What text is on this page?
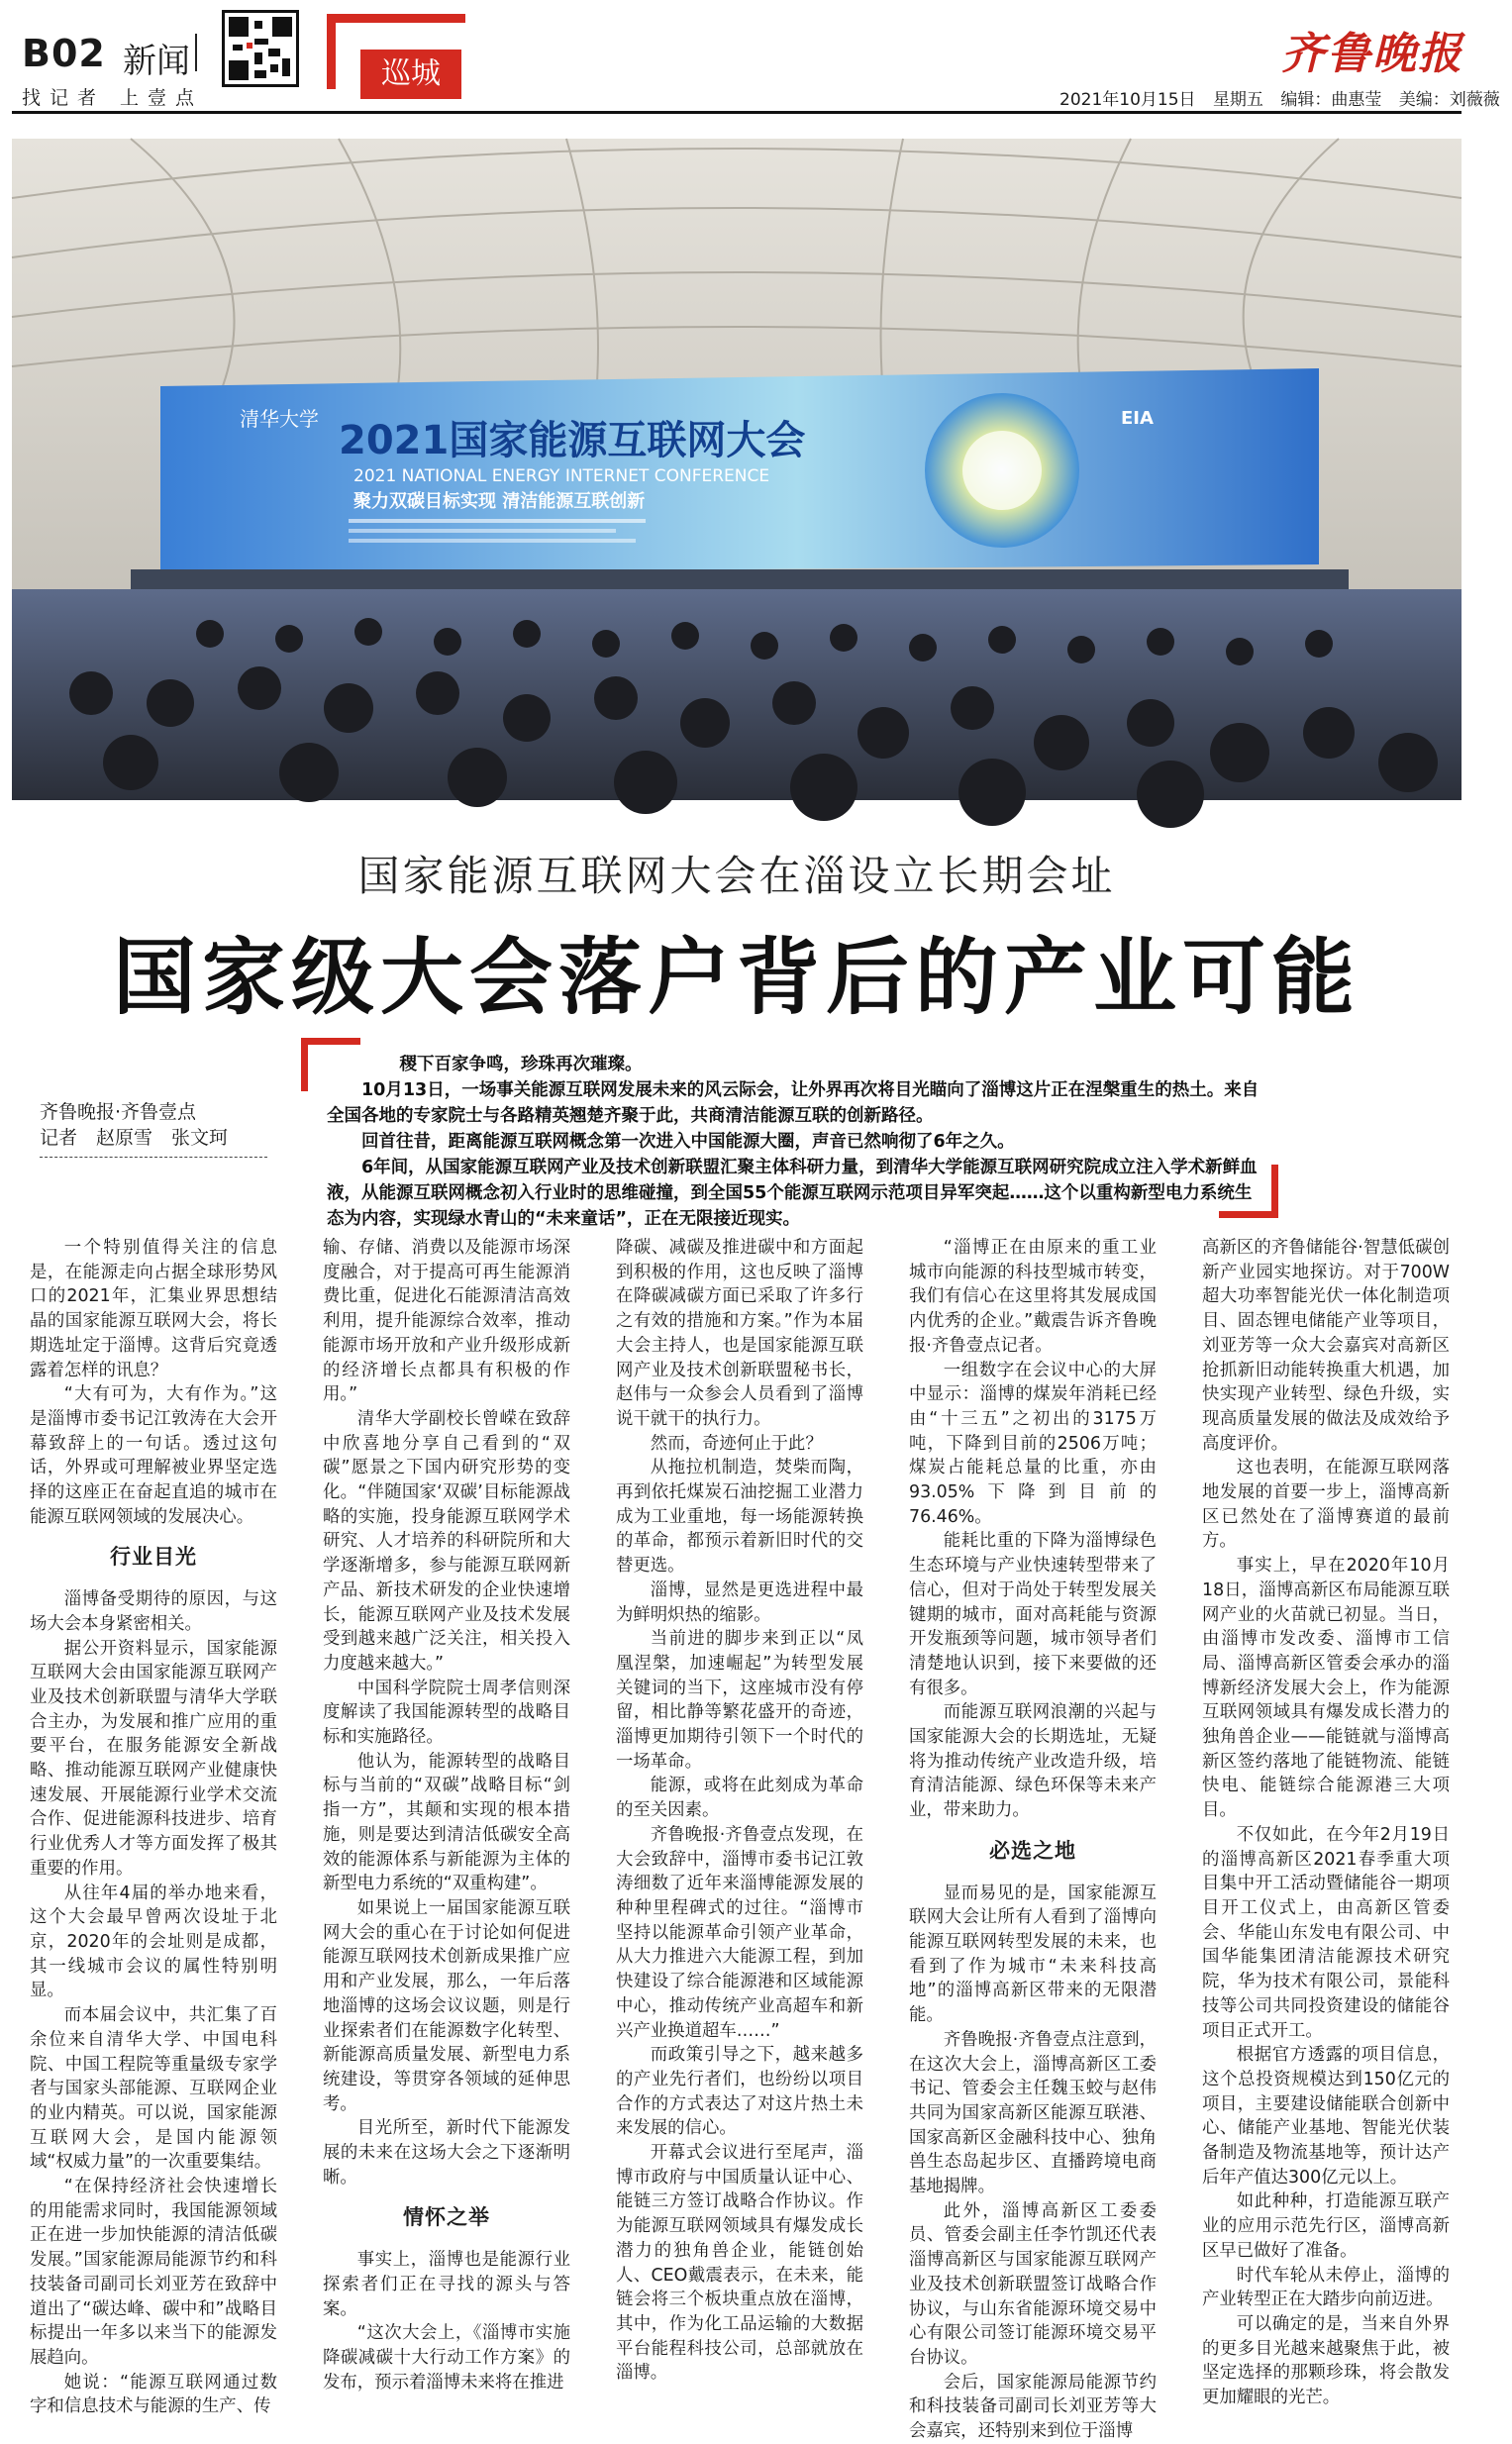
B02 新闻
找记者 上壹点
巡城	齐鲁晚报
2021年10月15日 星期五 编辑：曲惠莹 美编：刘薇薇
清华大学 2021国家能源互联网大会
2021 NATIONAL ENERGY INTERNET CONFERENCE
聚力双碳目标实现 清洁能源互联创新
EIA
国家能源互联网大会在淄设立长期会址
国家级大会落户背后的产业可能
齐鲁晚报·齐鲁壹点
记者　赵原雪　张文珂

稷下百家争鸣，珍珠再次璀璨。

10月13日，一场事关能源互联网发展未来的风云际会，让外界再次将目光瞄向了淄博这片正在涅槃重生的热土。来自全国各地的专家院士与各路精英翘楚齐聚于此，共商清洁能源互联的创新路径。

回首往昔，距离能源互联网概念第一次进入中国能源大圈，声音已然响彻了6年之久。

6年间，从国家能源互联网产业及技术创新联盟汇聚主体科研力量，到清华大学能源互联网研究院成立注入学术新鲜血液，从能源互联网概念初入行业时的思维碰撞，到全国55个能源互联网示范项目异军突起……这个以重构新型电力系统生态为内容，实现绿水青山的“未来童话”，正在无限接近现实。

一个特别值得关注的信息是，在能源走向占据全球形势风口的2021年，汇集业界思想结晶的国家能源互联网大会，将长期选址定于淄博。这背后究竟透露着怎样的讯息？

“大有可为，大有作为。”这是淄博市委书记江敦涛在大会开幕致辞上的一句话。透过这句话，外界或可理解被业界坚定选择的这座正在奋起直追的城市在能源互联网领域的发展决心。

行业目光

淄博备受期待的原因，与这场大会本身紧密相关。

据公开资料显示，国家能源互联网大会由国家能源互联网产业及技术创新联盟与清华大学联合主办，为发展和推广应用的重要平台，在服务能源安全新战略、推动能源互联网产业健康快速发展、开展能源行业学术交流合作、促进能源科技进步、培育行业优秀人才等方面发挥了极其重要的作用。

从往年4届的举办地来看，这个大会最早曾两次设址于北京，2020年的会址则是成都，其一线城市会议的属性特别明显。

而本届会议中，共汇集了百余位来自清华大学、中国电科院、中国工程院等重量级专家学者与国家头部能源、互联网企业的业内精英。可以说，国家能源互联网大会，是国内能源领域“权威力量”的一次重要集结。

“在保持经济社会快速增长的用能需求同时，我国能源领域正在进一步加快能源的清洁低碳发展。”国家能源局能源节约和科技装备司副司长刘亚芳在致辞中道出了“碳达峰、碳中和”战略目标提出一年多以来当下的能源发展趋向。

她说：“能源互联网通过数字和信息技术与能源的生产、传

输、存储、消费以及能源市场深度融合，对于提高可再生能源消费比重，促进化石能源清洁高效利用，提升能源综合效率，推动能源市场开放和产业升级形成新的经济增长点都具有积极的作用。”

清华大学副校长曾嵘在致辞中欣喜地分享自己看到的“双碳”愿景之下国内研究形势的变化。“伴随国家‘双碳’目标能源战略的实施，投身能源互联网学术研究、人才培养的科研院所和大学逐渐增多，参与能源互联网新产品、新技术研发的企业快速增长，能源互联网产业及技术发展受到越来越广泛关注，相关投入力度越来越大。”

中国科学院院士周孝信则深度解读了我国能源转型的战略目标和实施路径。

他认为，能源转型的战略目标与当前的“双碳”战略目标“剑指一方”，其颠和实现的根本措施，则是要达到清洁低碳安全高效的能源体系与新能源为主体的新型电力系统的“双重构建”。

如果说上一届国家能源互联网大会的重心在于讨论如何促进能源互联网技术创新成果推广应用和产业发展，那么，一年后落地淄博的这场会议议题，则是行业探索者们在能源数字化转型、新能源高质量发展、新型电力系统建设，等贯穿各领域的延伸思考。

目光所至，新时代下能源发展的未来在这场大会之下逐渐明晰。

情怀之举

事实上，淄博也是能源行业探索者们正在寻找的源头与答案。

“这次大会上，《淄博市实施降碳减碳十大行动工作方案》的发布，预示着淄博未来将在推进

降碳、减碳及推进碳中和方面起到积极的作用，这也反映了淄博在降碳减碳方面已采取了许多行之有效的措施和方案。”作为本届大会主持人，也是国家能源互联网产业及技术创新联盟秘书长，赵伟与一众参会人员看到了淄博说干就干的执行力。

然而，奇迹何止于此？

从拖拉机制造，焚柴而陶，再到依托煤炭石油挖掘工业潜力成为工业重地，每一场能源转换的革命，都预示着新旧时代的交替更选。

淄博，显然是更选进程中最为鲜明炽热的缩影。

当前进的脚步来到正以“凤凰涅槃，加速崛起”为转型发展关键词的当下，这座城市没有停留，相比静等繁花盛开的奇迹，淄博更加期待引领下一个时代的一场革命。

能源，或将在此刻成为革命的至关因素。

齐鲁晚报·齐鲁壹点发现，在大会致辞中，淄博市委书记江敦涛细数了近年来淄博能源发展的种种里程碑式的过往。“淄博市坚持以能源革命引领产业革命，从大力推进六大能源工程，到加快建设了综合能源港和区域能源中心，推动传统产业高超车和新兴产业换道超车……”

而政策引导之下，越来越多的产业先行者们，也纷纷以项目合作的方式表达了对这片热土未来发展的信心。

开幕式会议进行至尾声，淄博市政府与中国质量认证中心、能链三方签订战略合作协议。作为能源互联网领域具有爆发成长潜力的独角兽企业，能链创始人、CEO戴震表示，在未来，能链会将三个板块重点放在淄博，其中，作为化工品运输的大数据平台能程科技公司，总部就放在淄博。

“淄博正在由原来的重工业城市向能源的科技型城市转变，我们有信心在这里将其发展成国内优秀的企业。”戴震告诉齐鲁晚报·齐鲁壹点记者。

一组数字在会议中心的大屏中显示：淄博的煤炭年消耗已经由“十三五”之初出的3175万吨，下降到目前的2506万吨；煤炭占能耗总量的比重，亦由93.05%下降到目前的76.46%。

能耗比重的下降为淄博绿色生态环境与产业快速转型带来了信心，但对于尚处于转型发展关键期的城市，面对高耗能与资源开发瓶颈等问题，城市领导者们清楚地认识到，接下来要做的还有很多。

而能源互联网浪潮的兴起与国家能源大会的长期选址，无疑将为推动传统产业改造升级，培育清洁能源、绿色环保等未来产业，带来助力。

必选之地

显而易见的是，国家能源互联网大会让所有人看到了淄博向能源互联网转型发展的未来，也看到了作为城市“未来科技高地”的淄博高新区带来的无限潜能。

齐鲁晚报·齐鲁壹点注意到，在这次大会上，淄博高新区工委书记、管委会主任魏玉蛟与赵伟共同为国家高新区能源互联港、国家高新区金融科技中心、独角兽生态岛起步区、直播跨境电商基地揭牌。

此外，淄博高新区工委委员、管委会副主任李竹凯还代表淄博高新区与国家能源互联网产业及技术创新联盟签订战略合作协议，与山东省能源环境交易中心有限公司签订能源环境交易平台协议。

会后，国家能源局能源节约和科技装备司副司长刘亚芳等大会嘉宾，还特别来到位于淄博

高新区的齐鲁储能谷·智慧低碳创新产业园实地探访。对于700W超大功率智能光伏一体化制造项目、固态锂电储能产业等项目，刘亚芳等一众大会嘉宾对高新区抢抓新旧动能转换重大机遇，加快实现产业转型、绿色升级，实现高质量发展的做法及成效给予高度评价。

这也表明，在能源互联网落地发展的首要一步上，淄博高新区已然处在了淄博赛道的最前方。

事实上，早在2020年10月18日，淄博高新区布局能源互联网产业的火苗就已初显。当日，由淄博市发改委、淄博市工信局、淄博高新区管委会承办的淄博新经济发展大会上，作为能源互联网领域具有爆发成长潜力的独角兽企业——能链就与淄博高新区签约落地了能链物流、能链快电、能链综合能源港三大项目。

不仅如此，在今年2月19日的淄博高新区2021春季重大项目集中开工活动暨储能谷一期项目开工仪式上，由高新区管委会、华能山东发电有限公司、中国华能集团清洁能源技术研究院，华为技术有限公司，景能科技等公司共同投资建设的储能谷项目正式开工。

根据官方透露的项目信息，这个总投资规模达到150亿元的项目，主要建设储能联合创新中心、储能产业基地、智能光伏装备制造及物流基地等，预计达产后年产值达300亿元以上。

如此种种，打造能源互联产业的应用示范先行区，淄博高新区早已做好了准备。

时代车轮从未停止，淄博的产业转型正在大踏步向前迈进。

可以确定的是，当来自外界的更多目光越来越聚焦于此，被坚定选择的那颗珍珠，将会散发更加耀眼的光芒。
